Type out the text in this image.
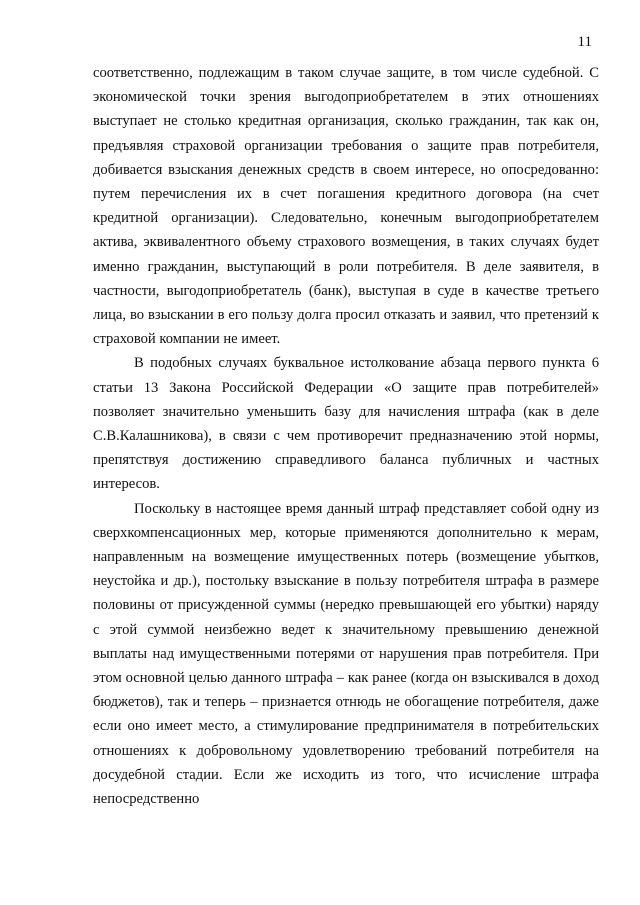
11

соответственно, подлежащим в таком случае защите, в том числе судебной. С экономической точки зрения выгодоприобретателем в этих отношениях выступает не столько кредитная организация, сколько гражданин, так как он, предъявляя страховой организации требования о защите прав потребителя, добивается взыскания денежных средств в своем интересе, но опосредованно: путем перечисления их в счет погашения кредитного договора (на счет кредитной организации). Следовательно, конечным выгодоприобретателем актива, эквивалентного объему страхового возмещения, в таких случаях будет именно гражданин, выступающий в роли потребителя. В деле заявителя, в частности, выгодоприобретатель (банк), выступая в суде в качестве третьего лица, во взыскании в его пользу долга просил отказать и заявил, что претензий к страховой компании не имеет.

В подобных случаях буквальное истолкование абзаца первого пункта 6 статьи 13 Закона Российской Федерации «О защите прав потребителей» позволяет значительно уменьшить базу для начисления штрафа (как в деле С.В.Калашникова), в связи с чем противоречит предназначению этой нормы, препятствуя достижению справедливого баланса публичных и частных интересов.

Поскольку в настоящее время данный штраф представляет собой одну из сверхкомпенсационных мер, которые применяются дополнительно к мерам, направленным на возмещение имущественных потерь (возмещение убытков, неустойка и др.), постольку взыскание в пользу потребителя штрафа в размере половины от присужденной суммы (нередко превышающей его убытки) наряду с этой суммой неизбежно ведет к значительному превышению денежной выплаты над имущественными потерями от нарушения прав потребителя. При этом основной целью данного штрафа – как ранее (когда он взыскивался в доход бюджетов), так и теперь – признается отнюдь не обогащение потребителя, даже если оно имеет место, а стимулирование предпринимателя в потребительских отношениях к добровольному удовлетворению требований потребителя на досудебной стадии. Если же исходить из того, что исчисление штрафа непосредственно
